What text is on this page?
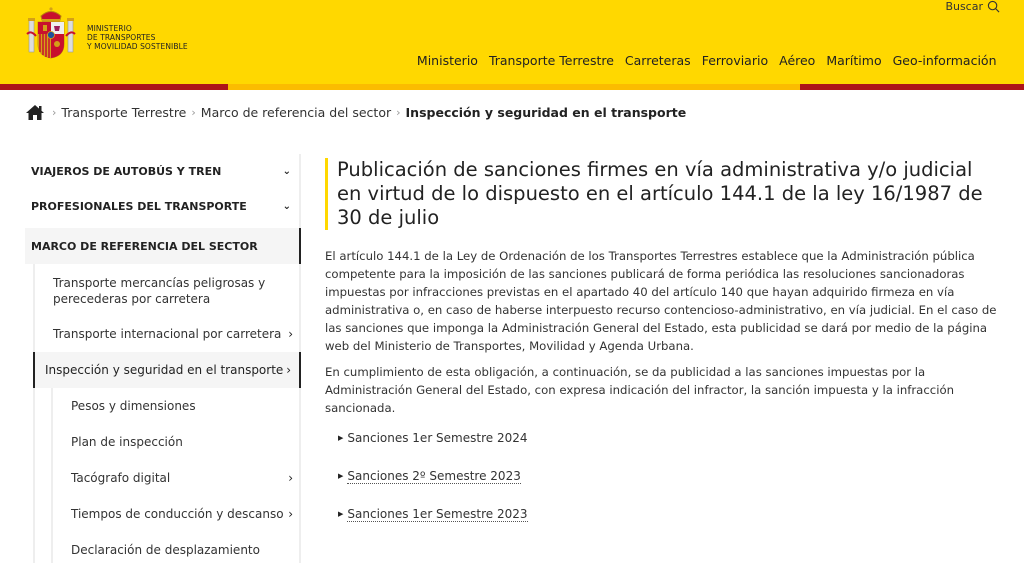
MINISTERIO
DE TRANSPORTES
Y MOVILIDAD SOSTENIBLE
Buscar
Ministerio Transporte Terrestre Carreteras Ferroviario Aéreo Marítimo Geo-información
› Transporte Terrestre › Marco de referencia del sector › Inspección y seguridad en el transporte
VIAJEROS DE AUTOBÚS Y TREN	⌄
PROFESIONALES DEL TRANSPORTE	⌄
MARCO DE REFERENCIA DEL SECTOR
Transporte mercancías peligrosas y perecederas por carretera
Transporte internacional por carretera ›
Inspección y seguridad en el transporte ›
Pesos y dimensiones
Plan de inspección
Tacógrafo digital	›
Tiempos de conducción y descanso ›
Declaración de desplazamiento
Publicación de sanciones firmes en vía administrativa y/o judicial en virtud de lo dispuesto en el artículo 144.1 de la ley 16/1987 de 30 de julio

El artículo 144.1 de la Ley de Ordenación de los Transportes Terrestres establece que la Administración pública competente para la imposición de las sanciones publicará de forma periódica las resoluciones sancionadoras impuestas por infracciones previstas en el apartado 40 del artículo 140 que hayan adquirido firmeza en vía administrativa o, en caso de haberse interpuesto recurso contencioso-administrativo, en vía judicial. En el caso de las sanciones que imponga la Administración General del Estado, esta publicidad se dará por medio de la página web del Ministerio de Transportes, Movilidad y Agenda Urbana.

En cumplimiento de esta obligación, a continuación, se da publicidad a las sanciones impuestas por la Administración General del Estado, con expresa indicación del infractor, la sanción impuesta y la infracción sancionada.

▶ Sanciones 1er Semestre 2024
▶ Sanciones 2º Semestre 2023
▶ Sanciones 1er Semestre 2023
